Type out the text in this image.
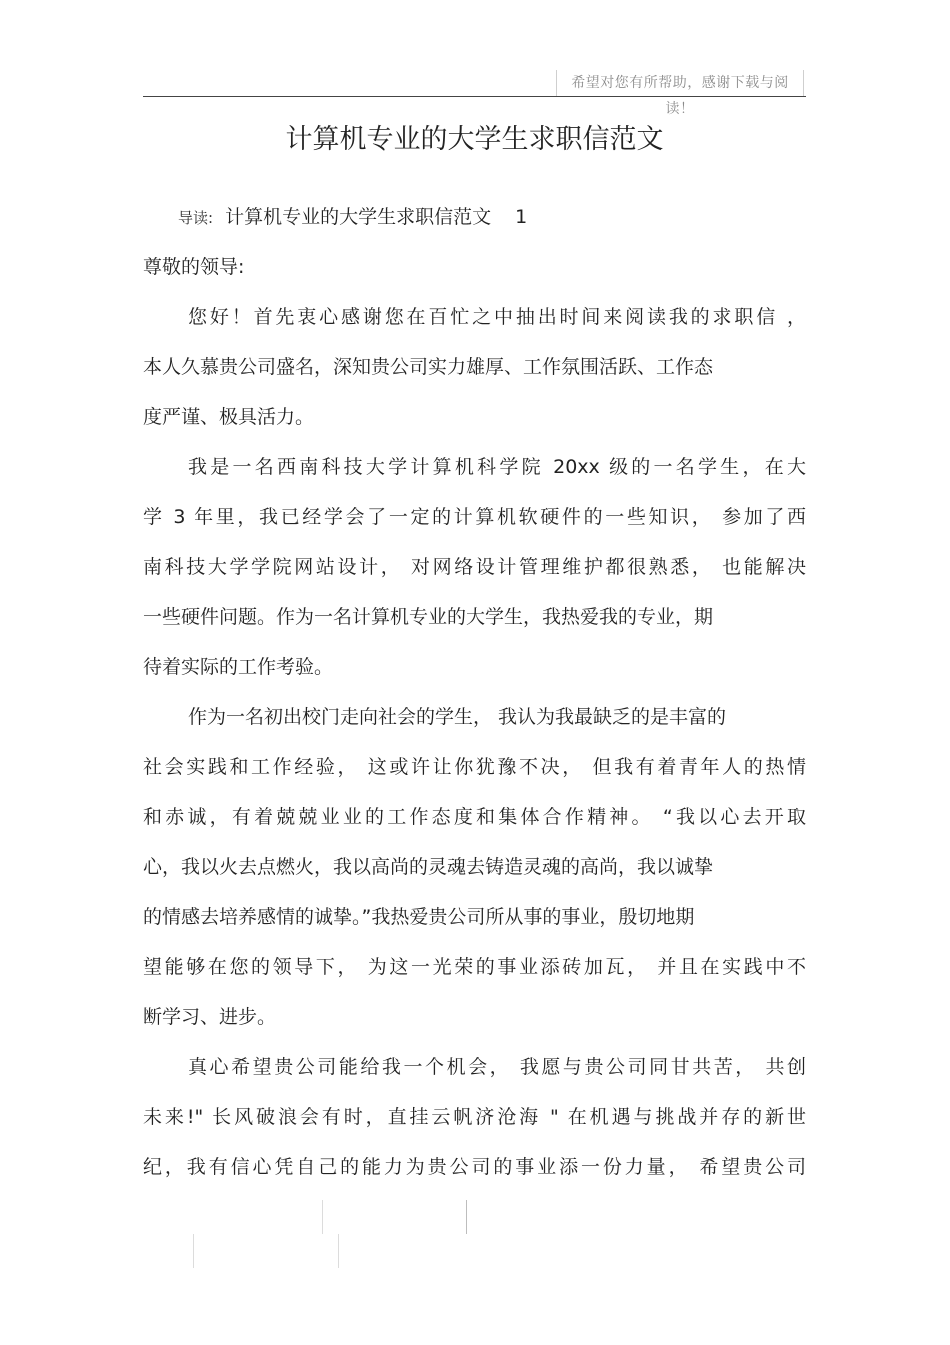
希望对您有所帮助，感谢下载与阅读！
计算机专业的大学生求职信范文
导读: 计算机专业的大学生求职信范文 1
尊敬的领导:
您好！首先衷心感谢您在百忙之中抽出时间来阅读我的求职信 ，
本人久慕贵公司盛名，深知贵公司实力雄厚、工作氛围活跃、工作态
度严谨、极具活力。
我是一名西南科技大学计算机科学院 20xx 级的一名学生，在大
学 3 年里，我已经学会了一定的计算机软硬件的一些知识， 参加了西
南科技大学学院网站设计， 对网络设计管理维护都很熟悉， 也能解决
一些硬件问题。作为一名计算机专业的大学生，我热爱我的专业，期
待着实际的工作考验。
作为一名初出校门走向社会的学生， 我认为我最缺乏的是丰富的
社会实践和工作经验， 这或许让你犹豫不决， 但我有着青年人的热情
和赤诚，有着兢兢业业的工作态度和集体合作精神。 “我以心去开取
心，我以火去点燃火，我以高尚的灵魂去铸造灵魂的高尚，我以诚挚
的情感去培养感情的诚挚。”我热爱贵公司所从事的事业，殷切地期
望能够在您的领导下， 为这一光荣的事业添砖加瓦， 并且在实践中不
断学习、进步。
真心希望贵公司能给我一个机会， 我愿与贵公司同甘共苦， 共创
未来!" 长风破浪会有时，直挂云帆济沧海 " 在机遇与挑战并存的新世
纪，我有信心凭自己的能力为贵公司的事业添一份力量， 希望贵公司
